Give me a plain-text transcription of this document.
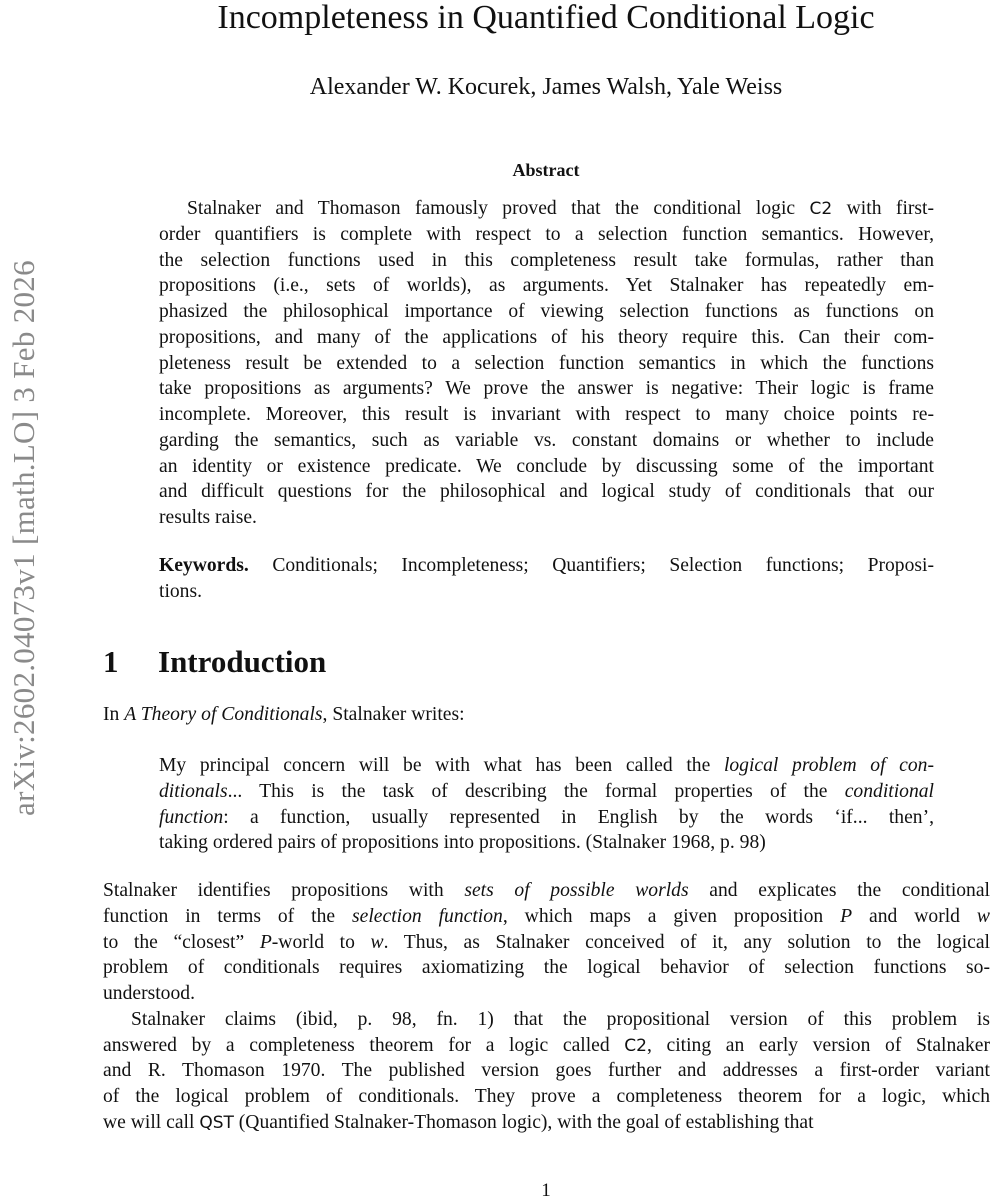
arXiv:2602.04073v1 [math.LO] 3 Feb 2026
Incompleteness in Quantified Conditional Logic
Alexander W. Kocurek, James Walsh, Yale Weiss
Abstract
Stalnaker and Thomason famously proved that the conditional logic C2 with first-
order quantifiers is complete with respect to a selection function semantics. However,
the selection functions used in this completeness result take formulas, rather than
propositions (i.e., sets of worlds), as arguments. Yet Stalnaker has repeatedly em-
phasized the philosophical importance of viewing selection functions as functions on
propositions, and many of the applications of his theory require this. Can their com-
pleteness result be extended to a selection function semantics in which the functions
take propositions as arguments? We prove the answer is negative: Their logic is frame
incomplete. Moreover, this result is invariant with respect to many choice points re-
garding the semantics, such as variable vs. constant domains or whether to include
an identity or existence predicate. We conclude by discussing some of the important
and difficult questions for the philosophical and logical study of conditionals that our
results raise.
Keywords. Conditionals; Incompleteness; Quantifiers; Selection functions; Proposi-
tions.
1 Introduction
In A Theory of Conditionals, Stalnaker writes:
My principal concern will be with what has been called the logical problem of con-
ditionals... This is the task of describing the formal properties of the conditional
function: a function, usually represented in English by the words ‘if... then’,
taking ordered pairs of propositions into propositions. (Stalnaker 1968, p. 98)
Stalnaker identifies propositions with sets of possible worlds and explicates the conditional
function in terms of the selection function, which maps a given proposition P and world w
to the “closest” P-world to w. Thus, as Stalnaker conceived of it, any solution to the logical
problem of conditionals requires axiomatizing the logical behavior of selection functions so-
understood.
Stalnaker claims (ibid, p. 98, fn. 1) that the propositional version of this problem is
answered by a completeness theorem for a logic called C2, citing an early version of Stalnaker
and R. Thomason 1970. The published version goes further and addresses a first-order variant
of the logical problem of conditionals. They prove a completeness theorem for a logic, which
we will call QST (Quantified Stalnaker-Thomason logic), with the goal of establishing that
1
